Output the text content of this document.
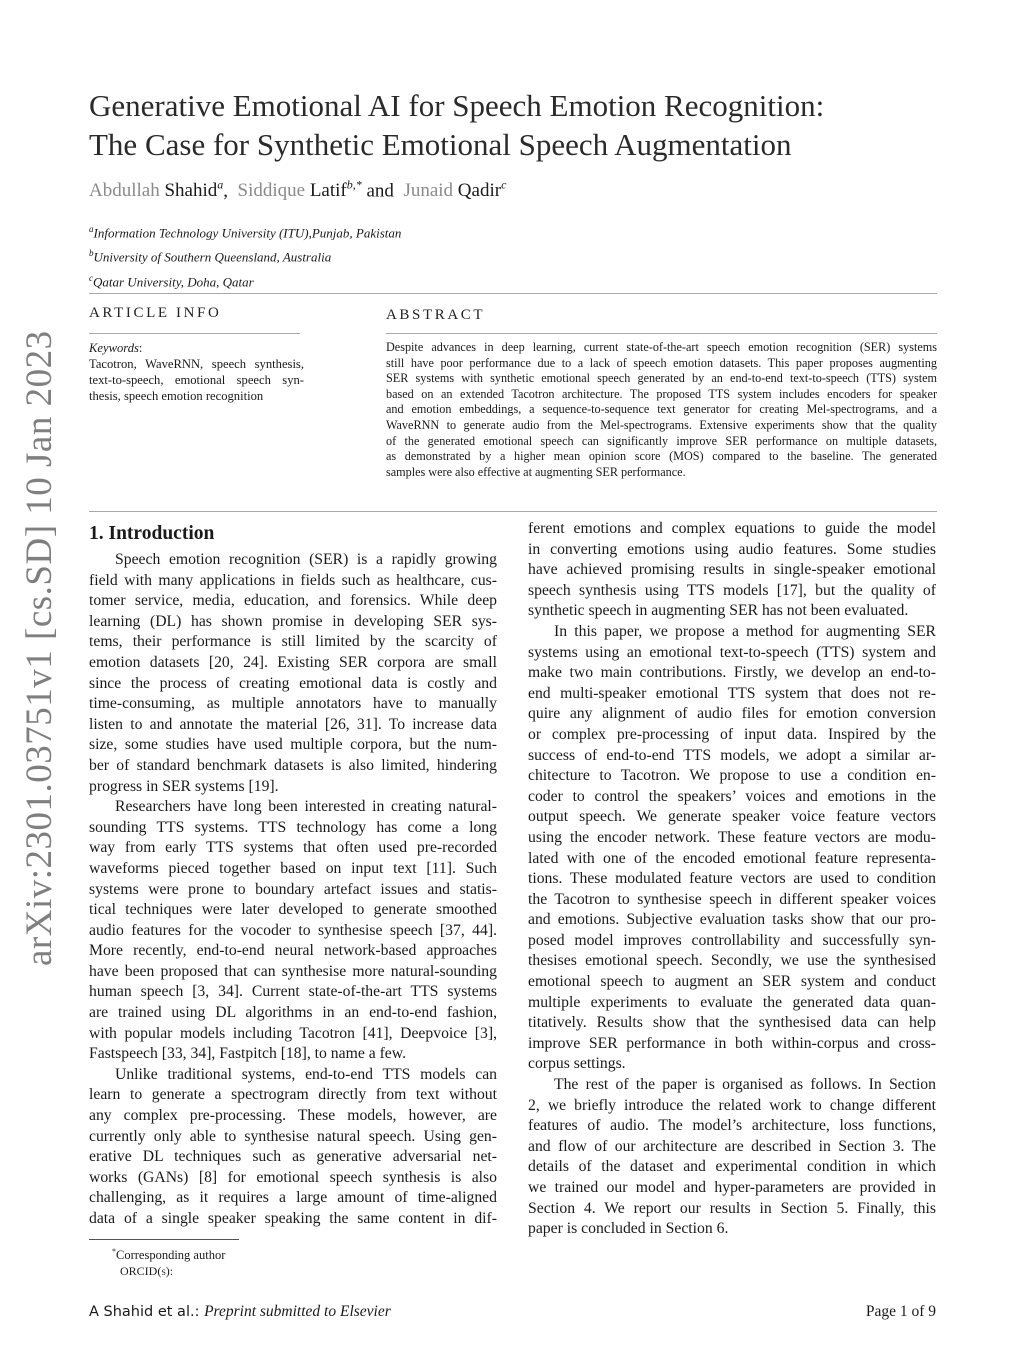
arXiv:2301.03751v1 [cs.SD] 10 Jan 2023
Generative Emotional AI for Speech Emotion Recognition:
The Case for Synthetic Emotional Speech Augmentation
Abdullah Shahid$^a$,  Siddique Latif$^{b,*}$ and Junaid Qadir$^c$
$^a$Information Technology University (ITU),Punjab, Pakistan
$^b$University of Southern Queensland, Australia
$^c$Qatar University, Doha, Qatar
ARTICLE INFO
Keywords:
Tacotron, WaveRNN, speech synthesis,
text-to-speech, emotional speech syn-
thesis, speech emotion recognition
ABSTRACT
Despite advances in deep learning, current state-of-the-art speech emotion recognition (SER) systems
still have poor performance due to a lack of speech emotion datasets. This paper proposes augmenting
SER systems with synthetic emotional speech generated by an end-to-end text-to-speech (TTS) system
based on an extended Tacotron architecture. The proposed TTS system includes encoders for speaker
and emotion embeddings, a sequence-to-sequence text generator for creating Mel-spectrograms, and a
WaveRNN to generate audio from the Mel-spectrograms. Extensive experiments show that the quality
of the generated emotional speech can significantly improve SER performance on multiple datasets,
as demonstrated by a higher mean opinion score (MOS) compared to the baseline. The generated
samples were also effective at augmenting SER performance.
1. Introduction
Speech emotion recognition (SER) is a rapidly growing
field with many applications in fields such as healthcare, cus-
tomer service, media, education, and forensics. While deep
learning (DL) has shown promise in developing SER sys-
tems, their performance is still limited by the scarcity of
emotion datasets [20, 24]. Existing SER corpora are small
since the process of creating emotional data is costly and
time-consuming, as multiple annotators have to manually
listen to and annotate the material [26, 31]. To increase data
size, some studies have used multiple corpora, but the num-
ber of standard benchmark datasets is also limited, hindering
progress in SER systems [19].
Researchers have long been interested in creating natural-
sounding TTS systems. TTS technology has come a long
way from early TTS systems that often used pre-recorded
waveforms pieced together based on input text [11]. Such
systems were prone to boundary artefact issues and statis-
tical techniques were later developed to generate smoothed
audio features for the vocoder to synthesise speech [37, 44].
More recently, end-to-end neural network-based approaches
have been proposed that can synthesise more natural-sounding
human speech [3, 34]. Current state-of-the-art TTS systems
are trained using DL algorithms in an end-to-end fashion,
with popular models including Tacotron [41], Deepvoice [3],
Fastspeech [33, 34], Fastpitch [18], to name a few.
Unlike traditional systems, end-to-end TTS models can
learn to generate a spectrogram directly from text without
any complex pre-processing. These models, however, are
currently only able to synthesise natural speech. Using gen-
erative DL techniques such as generative adversarial net-
works (GANs) [8] for emotional speech synthesis is also
challenging, as it requires a large amount of time-aligned
data of a single speaker speaking the same content in dif-
ferent emotions and complex equations to guide the model
in converting emotions using audio features. Some studies
have achieved promising results in single-speaker emotional
speech synthesis using TTS models [17], but the quality of
synthetic speech in augmenting SER has not been evaluated.
In this paper, we propose a method for augmenting SER
systems using an emotional text-to-speech (TTS) system and
make two main contributions. Firstly, we develop an end-to-
end multi-speaker emotional TTS system that does not re-
quire any alignment of audio files for emotion conversion
or complex pre-processing of input data. Inspired by the
success of end-to-end TTS models, we adopt a similar ar-
chitecture to Tacotron. We propose to use a condition en-
coder to control the speakers’ voices and emotions in the
output speech. We generate speaker voice feature vectors
using the encoder network. These feature vectors are modu-
lated with one of the encoded emotional feature representa-
tions. These modulated feature vectors are used to condition
the Tacotron to synthesise speech in different speaker voices
and emotions. Subjective evaluation tasks show that our pro-
posed model improves controllability and successfully syn-
thesises emotional speech. Secondly, we use the synthesised
emotional speech to augment an SER system and conduct
multiple experiments to evaluate the generated data quan-
titatively. Results show that the synthesised data can help
improve SER performance in both within-corpus and cross-
corpus settings.
The rest of the paper is organised as follows. In Section
2, we briefly introduce the related work to change different
features of audio. The model’s architecture, loss functions,
and flow of our architecture are described in Section 3. The
details of the dataset and experimental condition in which
we trained our model and hyper-parameters are provided in
Section 4. We report our results in Section 5. Finally, this
paper is concluded in Section 6.
*Corresponding author
ORCID(s):
A Shahid et al.: Preprint submitted to Elsevier	Page 1 of 9
